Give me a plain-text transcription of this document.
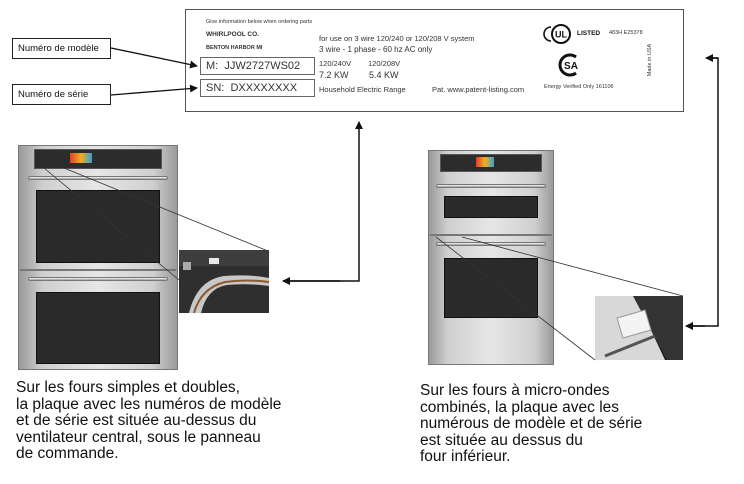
Numéro de modèle
Numéro de série
Give information below when ordering parts
WHIRLPOOL CO.
BENTON HARBOR MI
M: JJW2727WS02
SN: DXXXXXXXX
for use on 3 wire 120/240 or 120/208 V system
3 wire - 1 phase - 60 hz AC only
120/240V 120/208V
7.2 KW 5.4 KW
Household Electric Range	Pat. www.patent-listing.com
UL LISTED 483H E25378
SA
Energy Verified Only 161106
Made in USA
Sur les fours simples et doubles,
la plaque avec les numéros de modèle
et de série est située au-dessus du
ventilateur central, sous le panneau
de commande.
Sur les fours à micro-ondes
combinés, la plaque avec les
numérous de modèle et de série
est située au dessus du
four inférieur.
